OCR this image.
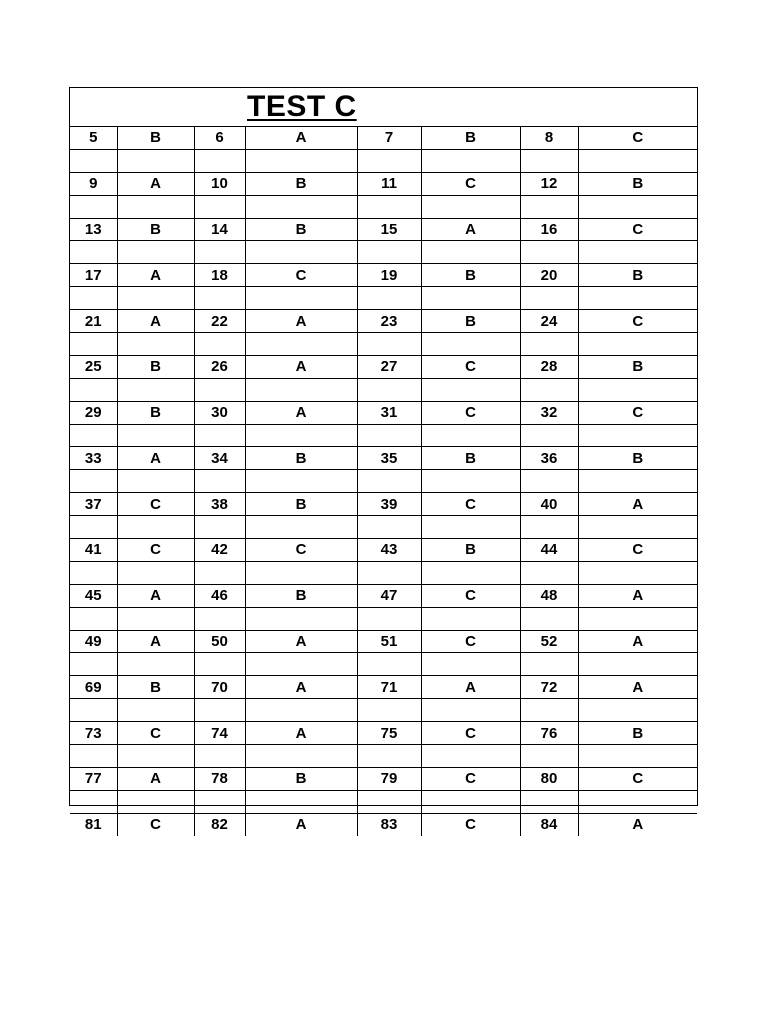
TEST C
5	B	6	A	7	B	8	C

9	A	10	B	11	C	12	B

13	B	14	B	15	A	16	C

17	A	18	C	19	B	20	B

21	A	22	A	23	B	24	C

25	B	26	A	27	C	28	B

29	B	30	A	31	C	32	C

33	A	34	B	35	B	36	B

37	C	38	B	39	C	40	A

41	C	42	C	43	B	44	C

45	A	46	B	47	C	48	A

49	A	50	A	51	C	52	A

69	B	70	A	71	A	72	A

73	C	74	A	75	C	76	B

77	A	78	B	79	C	80	C

81	C	82	A	83	C	84	A
